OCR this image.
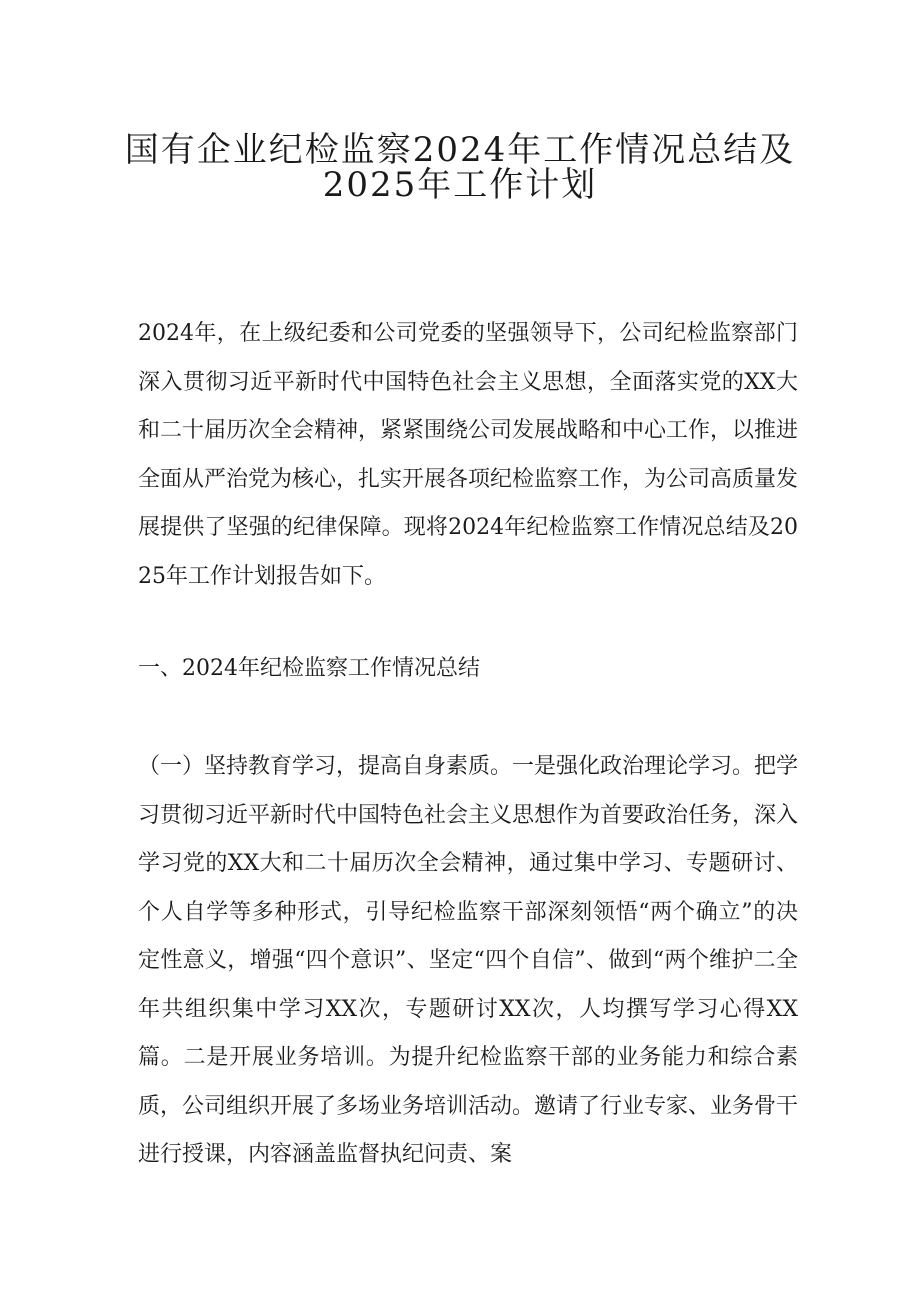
国有企业纪检监察2024年工作情况总结及
2025年工作计划

2024年，在上级纪委和公司党委的坚强领导下，公司纪检监察部门深入贯彻习近平新时代中国特色社会主义思想，全面落实党的XX大和二十届历次全会精神，紧紧围绕公司发展战略和中心工作，以推进全面从严治党为核心，扎实开展各项纪检监察工作，为公司高质量发展提供了坚强的纪律保障。现将2024年纪检监察工作情况总结及2025年工作计划报告如下。

一、2024年纪检监察工作情况总结

（一）坚持教育学习，提高自身素质。一是强化政治理论学习。把学习贯彻习近平新时代中国特色社会主义思想作为首要政治任务，深入学习党的XX大和二十届历次全会精神，通过集中学习、专题研讨、个人自学等多种形式，引导纪检监察干部深刻领悟“两个确立”的决定性意义，增强“四个意识”、坚定“四个自信”、做到“两个维护二全年共组织集中学习XX次，专题研讨XX次，人均撰写学习心得XX篇。二是开展业务培训。为提升纪检监察干部的业务能力和综合素质，公司组织开展了多场业务培训活动。邀请了行业专家、业务骨干进行授课，内容涵盖监督执纪问责、案
